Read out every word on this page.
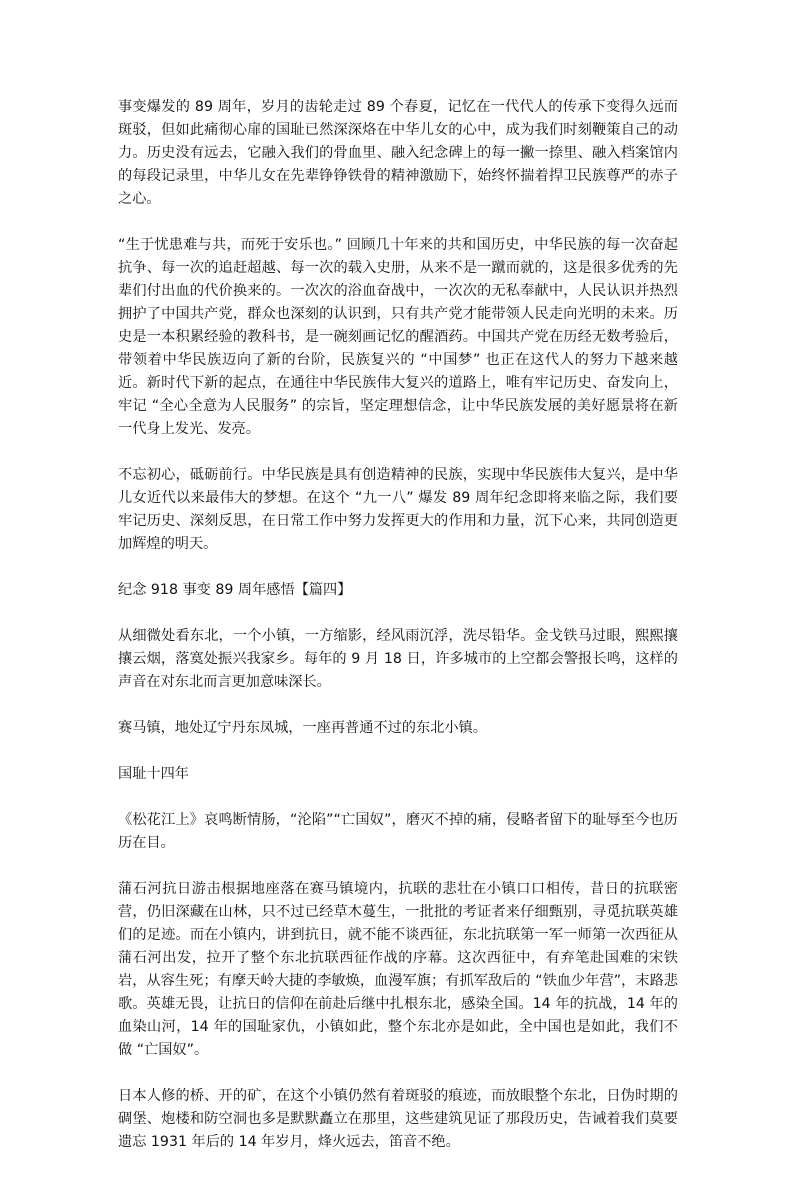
事变爆发的 89 周年，岁月的齿轮走过 89 个春夏，记忆在一代代人的传承下变得久远而斑驳，但如此痛彻心扉的国耻已然深深烙在中华儿女的心中，成为我们时刻鞭策自己的动力。历史没有远去，它融入我们的骨血里、融入纪念碑上的每一撇一捺里、融入档案馆内的每段记录里，中华儿女在先辈铮铮铁骨的精神激励下，始终怀揣着捍卫民族尊严的赤子之心。

“生于忧患难与共，而死于安乐也。” 回顾几十年来的共和国历史，中华民族的每一次奋起抗争、每一次的追赶超越、每一次的载入史册，从来不是一蹴而就的，这是很多优秀的先辈们付出血的代价换来的。一次次的浴血奋战中，一次次的无私奉献中，人民认识并热烈拥护了中国共产党，群众也深刻的认识到，只有共产党才能带领人民走向光明的未来。历史是一本积累经验的教科书，是一碗刻画记忆的醒酒药。中国共产党在历经无数考验后，带领着中华民族迈向了新的台阶，民族复兴的 “中国梦” 也正在这代人的努力下越来越近。新时代下新的起点，在通往中华民族伟大复兴的道路上，唯有牢记历史、奋发向上，牢记 “全心全意为人民服务” 的宗旨，坚定理想信念，让中华民族发展的美好愿景将在新一代身上发光、发亮。

不忘初心，砥砺前行。中华民族是具有创造精神的民族，实现中华民族伟大复兴，是中华儿女近代以来最伟大的梦想。在这个 “九一八” 爆发 89 周年纪念即将来临之际，我们要牢记历史、深刻反思，在日常工作中努力发挥更大的作用和力量，沉下心来，共同创造更加辉煌的明天。

纪念 918 事变 89 周年感悟【篇四】

从细微处看东北，一个小镇，一方缩影，经风雨沉浮，洗尽铅华。金戈铁马过眼，熙熙攘攘云烟，落寞处振兴我家乡。每年的 9 月 18 日，许多城市的上空都会警报长鸣，这样的声音在对东北而言更加意味深长。

赛马镇，地处辽宁丹东凤城，一座再普通不过的东北小镇。

国耻十四年

《松花江上》哀鸣断情肠，“沦陷”“亡国奴”，磨灭不掉的痛，侵略者留下的耻辱至今也历历在目。

蒲石河抗日游击根据地座落在赛马镇境内，抗联的悲壮在小镇口口相传，昔日的抗联密营，仍旧深藏在山林，只不过已经草木蔓生，一批批的考证者来仔细甄别，寻觅抗联英雄们的足迹。而在小镇内，讲到抗日，就不能不谈西征，东北抗联第一军一师第一次西征从蒲石河出发，拉开了整个东北抗联西征作战的序幕。这次西征中，有弃笔赴国难的宋铁岩，从容生死；有摩天岭大捷的李敏焕，血漫军旗；有抓军敌后的 “铁血少年营”，末路悲歌。英雄无畏，让抗日的信仰在前赴后继中扎根东北，感染全国。14 年的抗战，14 年的血染山河，14 年的国耻家仇，小镇如此，整个东北亦是如此，全中国也是如此，我们不做 “亡国奴”。

日本人修的桥、开的矿，在这个小镇仍然有着斑驳的痕迹，而放眼整个东北，日伪时期的碉堡、炮楼和防空洞也多是默默矗立在那里，这些建筑见证了那段历史，告诫着我们莫要遗忘 1931 年后的 14 年岁月，烽火远去，笛音不绝。
